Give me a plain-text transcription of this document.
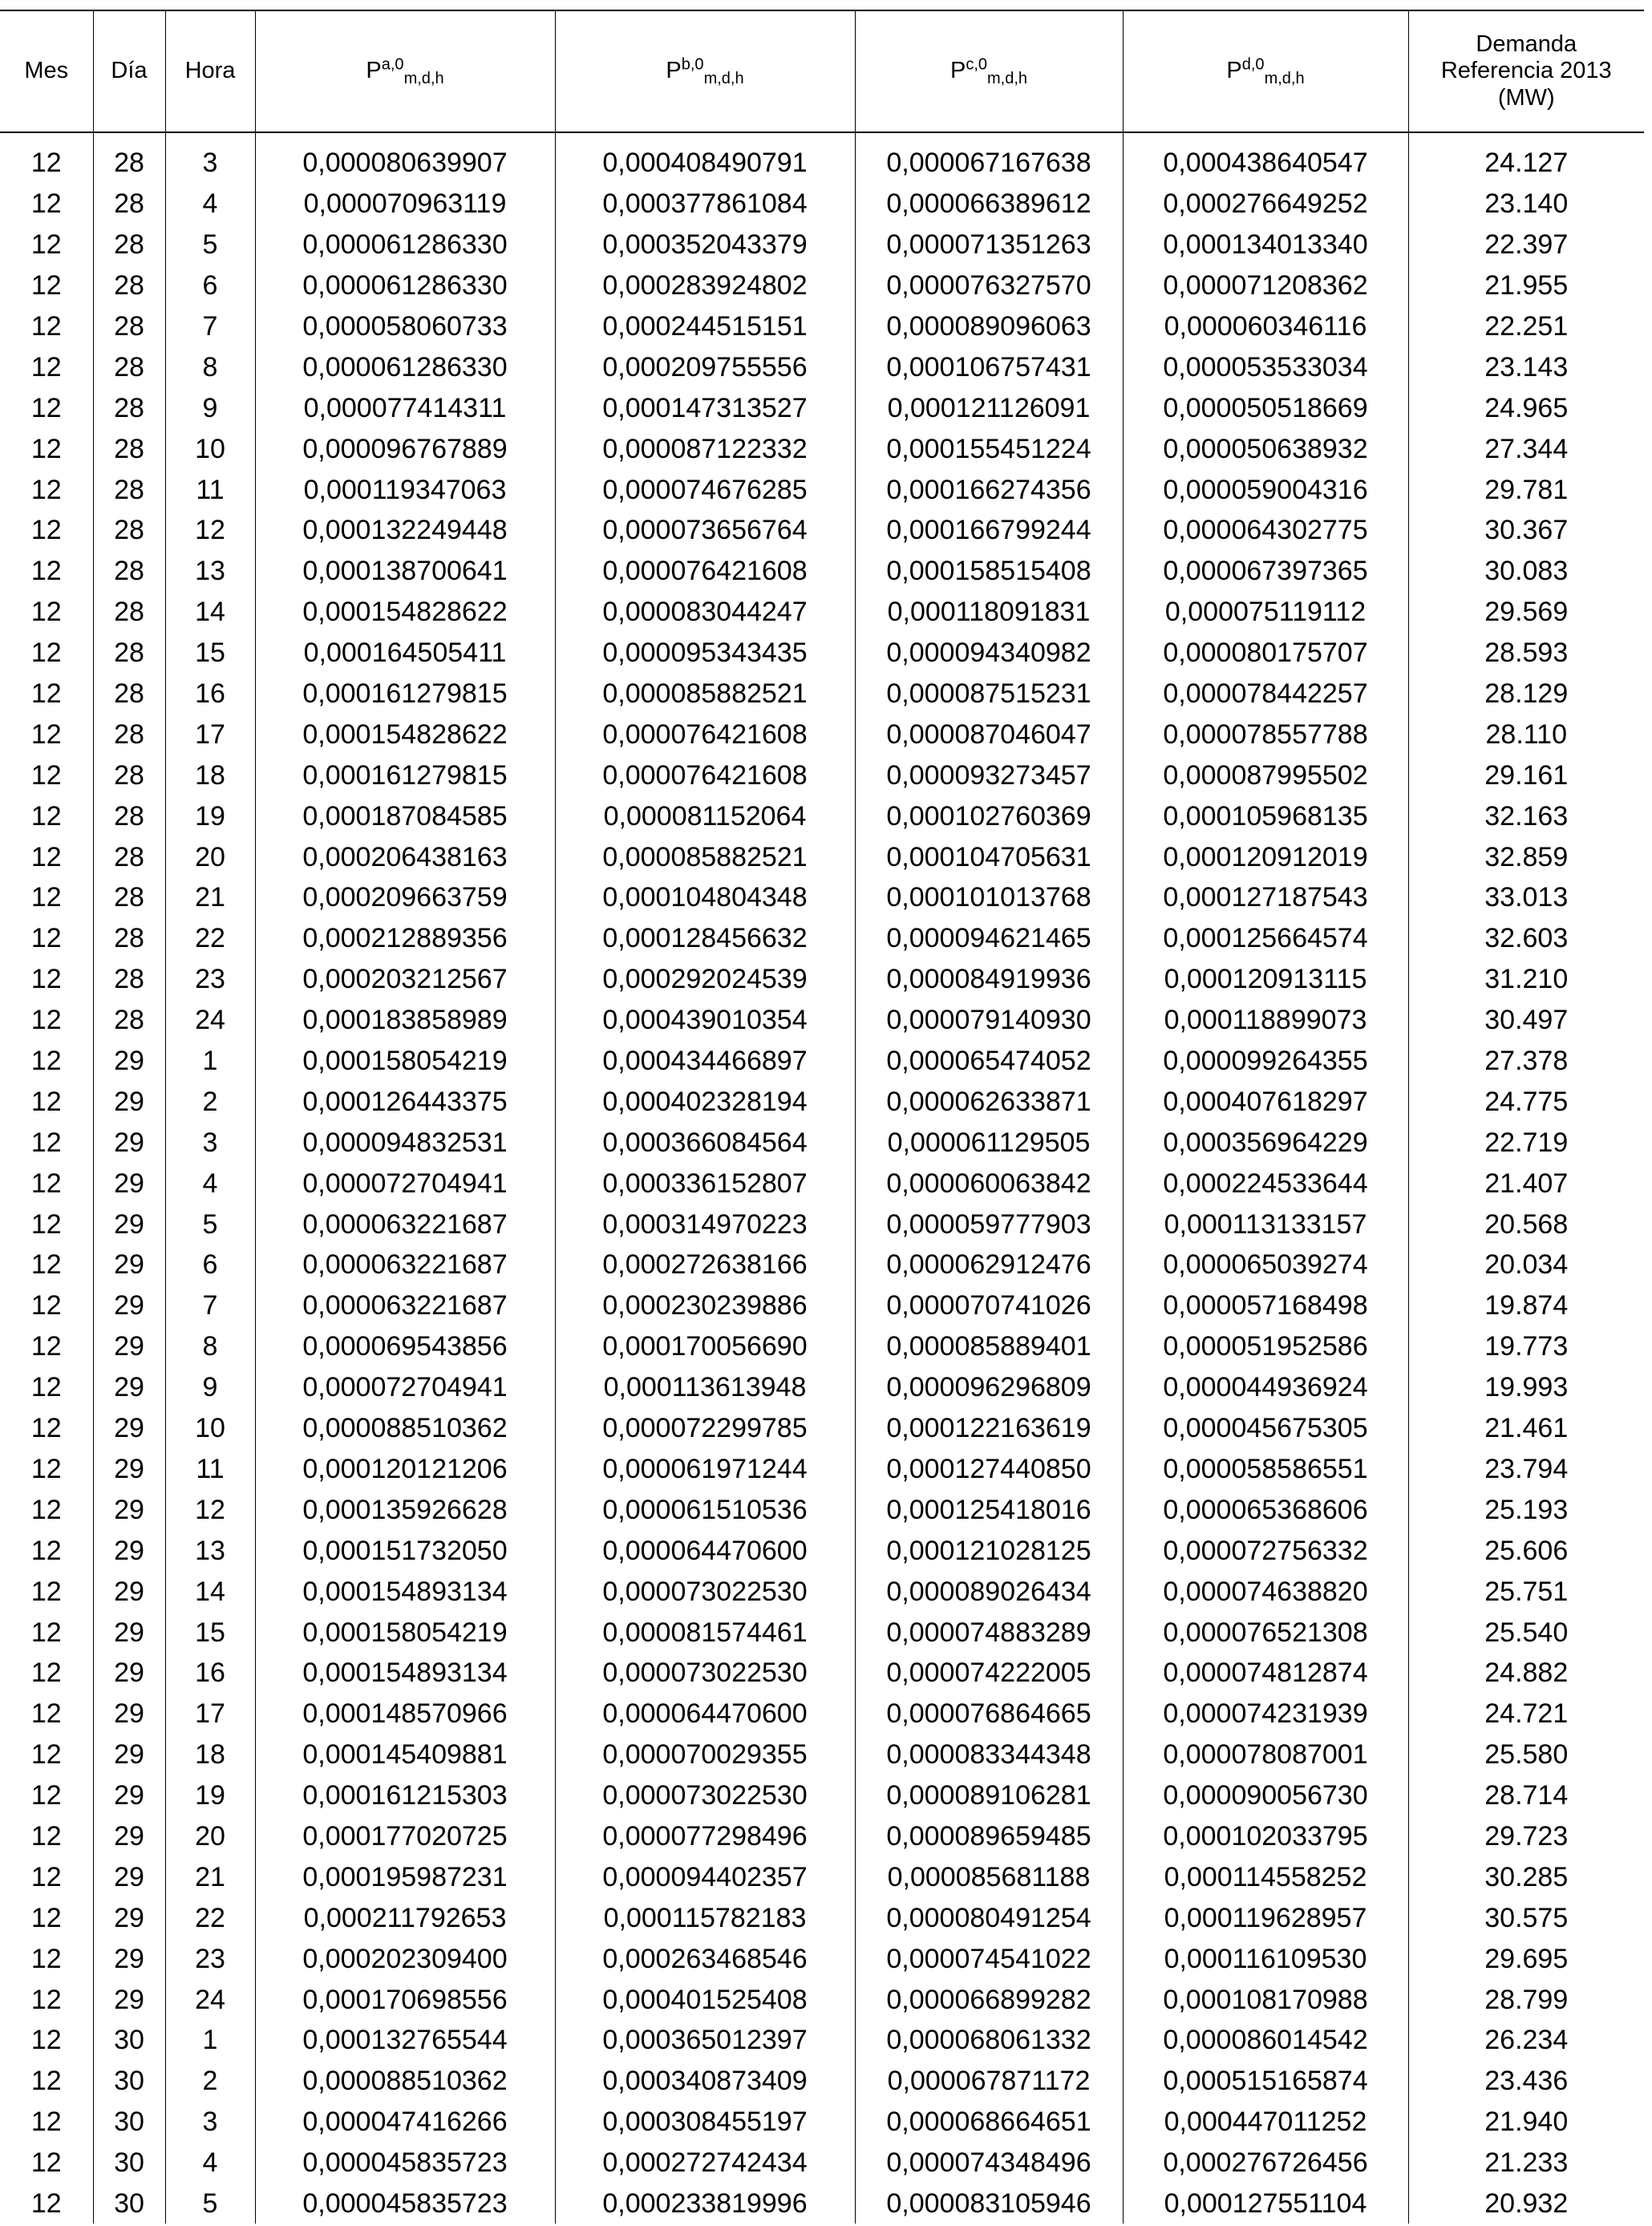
Mes	Día	Hora	P$^{a,0}_{m,d,h}$	P$^{b,0}_{m,d,h}$	P$^{c,0}_{m,d,h}$	P$^{d,0}_{m,d,h}$	Demanda
Referencia 2013
(MW)

12	28	3	0,000080639907	0,000408490791	0,000067167638	0,000438640547	24.127
12	28	4	0,000070963119	0,000377861084	0,000066389612	0,000276649252	23.140
12	28	5	0,000061286330	0,000352043379	0,000071351263	0,000134013340	22.397
12	28	6	0,000061286330	0,000283924802	0,000076327570	0,000071208362	21.955
12	28	7	0,000058060733	0,000244515151	0,000089096063	0,000060346116	22.251
12	28	8	0,000061286330	0,000209755556	0,000106757431	0,000053533034	23.143
12	28	9	0,000077414311	0,000147313527	0,000121126091	0,000050518669	24.965
12	28	10	0,000096767889	0,000087122332	0,000155451224	0,000050638932	27.344
12	28	11	0,000119347063	0,000074676285	0,000166274356	0,000059004316	29.781
12	28	12	0,000132249448	0,000073656764	0,000166799244	0,000064302775	30.367
12	28	13	0,000138700641	0,000076421608	0,000158515408	0,000067397365	30.083
12	28	14	0,000154828622	0,000083044247	0,000118091831	0,000075119112	29.569
12	28	15	0,000164505411	0,000095343435	0,000094340982	0,000080175707	28.593
12	28	16	0,000161279815	0,000085882521	0,000087515231	0,000078442257	28.129
12	28	17	0,000154828622	0,000076421608	0,000087046047	0,000078557788	28.110
12	28	18	0,000161279815	0,000076421608	0,000093273457	0,000087995502	29.161
12	28	19	0,000187084585	0,000081152064	0,000102760369	0,000105968135	32.163
12	28	20	0,000206438163	0,000085882521	0,000104705631	0,000120912019	32.859
12	28	21	0,000209663759	0,000104804348	0,000101013768	0,000127187543	33.013
12	28	22	0,000212889356	0,000128456632	0,000094621465	0,000125664574	32.603
12	28	23	0,000203212567	0,000292024539	0,000084919936	0,000120913115	31.210
12	28	24	0,000183858989	0,000439010354	0,000079140930	0,000118899073	30.497
12	29	1	0,000158054219	0,000434466897	0,000065474052	0,000099264355	27.378
12	29	2	0,000126443375	0,000402328194	0,000062633871	0,000407618297	24.775
12	29	3	0,000094832531	0,000366084564	0,000061129505	0,000356964229	22.719
12	29	4	0,000072704941	0,000336152807	0,000060063842	0,000224533644	21.407
12	29	5	0,000063221687	0,000314970223	0,000059777903	0,000113133157	20.568
12	29	6	0,000063221687	0,000272638166	0,000062912476	0,000065039274	20.034
12	29	7	0,000063221687	0,000230239886	0,000070741026	0,000057168498	19.874
12	29	8	0,000069543856	0,000170056690	0,000085889401	0,000051952586	19.773
12	29	9	0,000072704941	0,000113613948	0,000096296809	0,000044936924	19.993
12	29	10	0,000088510362	0,000072299785	0,000122163619	0,000045675305	21.461
12	29	11	0,000120121206	0,000061971244	0,000127440850	0,000058586551	23.794
12	29	12	0,000135926628	0,000061510536	0,000125418016	0,000065368606	25.193
12	29	13	0,000151732050	0,000064470600	0,000121028125	0,000072756332	25.606
12	29	14	0,000154893134	0,000073022530	0,000089026434	0,000074638820	25.751
12	29	15	0,000158054219	0,000081574461	0,000074883289	0,000076521308	25.540
12	29	16	0,000154893134	0,000073022530	0,000074222005	0,000074812874	24.882
12	29	17	0,000148570966	0,000064470600	0,000076864665	0,000074231939	24.721
12	29	18	0,000145409881	0,000070029355	0,000083344348	0,000078087001	25.580
12	29	19	0,000161215303	0,000073022530	0,000089106281	0,000090056730	28.714
12	29	20	0,000177020725	0,000077298496	0,000089659485	0,000102033795	29.723
12	29	21	0,000195987231	0,000094402357	0,000085681188	0,000114558252	30.285
12	29	22	0,000211792653	0,000115782183	0,000080491254	0,000119628957	30.575
12	29	23	0,000202309400	0,000263468546	0,000074541022	0,000116109530	29.695
12	29	24	0,000170698556	0,000401525408	0,000066899282	0,000108170988	28.799
12	30	1	0,000132765544	0,000365012397	0,000068061332	0,000086014542	26.234
12	30	2	0,000088510362	0,000340873409	0,000067871172	0,000515165874	23.436
12	30	3	0,000047416266	0,000308455197	0,000068664651	0,000447011252	21.940
12	30	4	0,000045835723	0,000272742434	0,000074348496	0,000276726456	21.233
12	30	5	0,000045835723	0,000233819996	0,000083105946	0,000127551104	20.932
